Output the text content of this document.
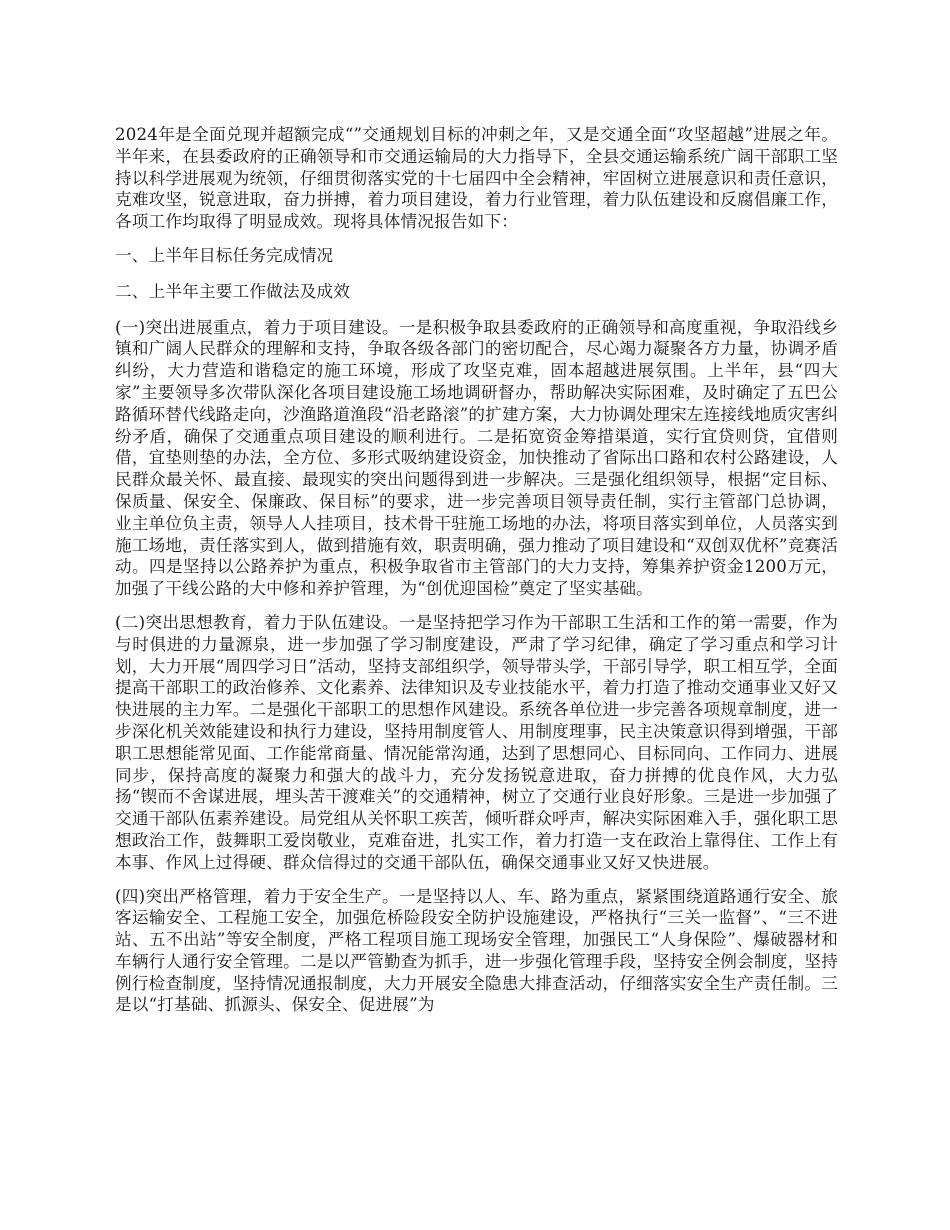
2024年是全面兑现并超额完成“”交通规划目标的冲刺之年，又是交通全面“攻坚超越”进展之年。半年来，在县委政府的正确领导和市交通运输局的大力指导下，全县交通运输系统广阔干部职工坚持以科学进展观为统领，仔细贯彻落实党的十七届四中全会精神，牢固树立进展意识和责任意识，克难攻坚，锐意进取，奋力拼搏，着力项目建设，着力行业管理，着力队伍建设和反腐倡廉工作，各项工作均取得了明显成效。现将具体情况报告如下：

一、上半年目标任务完成情况

二、上半年主要工作做法及成效

(一)突出进展重点，着力于项目建设。一是积极争取县委政府的正确领导和高度重视，争取沿线乡镇和广阔人民群众的理解和支持，争取各级各部门的密切配合，尽心竭力凝聚各方力量，协调矛盾纠纷，大力营造和谐稳定的施工环境，形成了攻坚克难，固本超越进展氛围。上半年，县“四大家”主要领导多次带队深化各项目建设施工场地调研督办，帮助解决实际困难，及时确定了五巴公路循环替代线路走向，沙渔路道渔段“沿老路滚”的扩建方案，大力协调处理宋左连接线地质灾害纠纷矛盾，确保了交通重点项目建设的顺利进行。二是拓宽资金筹措渠道，实行宜贷则贷，宜借则借，宜垫则垫的办法，全方位、多形式吸纳建设资金，加快推动了省际出口路和农村公路建设，人民群众最关怀、最直接、最现实的突出问题得到进一步解决。三是强化组织领导，根据“定目标、保质量、保安全、保廉政、保目标”的要求，进一步完善项目领导责任制，实行主管部门总协调，业主单位负主责，领导人人挂项目，技术骨干驻施工场地的办法，将项目落实到单位，人员落实到施工场地，责任落实到人，做到措施有效，职责明确，强力推动了项目建设和“双创双优杯”竞赛活动。四是坚持以公路养护为重点，积极争取省市主管部门的大力支持，筹集养护资金1200万元，加强了干线公路的大中修和养护管理，为“创优迎国检”奠定了坚实基础。

(二)突出思想教育，着力于队伍建设。一是坚持把学习作为干部职工生活和工作的第一需要，作为与时俱进的力量源泉，进一步加强了学习制度建设，严肃了学习纪律，确定了学习重点和学习计划，大力开展“周四学习日”活动，坚持支部组织学，领导带头学，干部引导学，职工相互学，全面提高干部职工的政治修养、文化素养、法律知识及专业技能水平，着力打造了推动交通事业又好又快进展的主力军。二是强化干部职工的思想作风建设。系统各单位进一步完善各项规章制度，进一步深化机关效能建设和执行力建设，坚持用制度管人、用制度理事，民主决策意识得到增强，干部职工思想能常见面、工作能常商量、情况能常沟通，达到了思想同心、目标同向、工作同力、进展同步，保持高度的凝聚力和强大的战斗力，充分发扬锐意进取，奋力拼搏的优良作风，大力弘扬“锲而不舍谋进展，埋头苦干渡难关”的交通精神，树立了交通行业良好形象。三是进一步加强了交通干部队伍素养建设。局党组从关怀职工疾苦，倾听群众呼声，解决实际困难入手，强化职工思想政治工作，鼓舞职工爱岗敬业，克难奋进，扎实工作，着力打造一支在政治上靠得住、工作上有本事、作风上过得硬、群众信得过的交通干部队伍，确保交通事业又好又快进展。

(四)突出严格管理，着力于安全生产。一是坚持以人、车、路为重点，紧紧围绕道路通行安全、旅客运输安全、工程施工安全，加强危桥险段安全防护设施建设，严格执行“三关一监督”、“三不进站、五不出站”等安全制度，严格工程项目施工现场安全管理，加强民工“人身保险”、爆破器材和车辆行人通行安全管理。二是以严管勤查为抓手，进一步强化管理手段，坚持安全例会制度，坚持例行检查制度，坚持情况通报制度，大力开展安全隐患大排查活动，仔细落实安全生产责任制。三是以“打基础、抓源头、保安全、促进展”为
